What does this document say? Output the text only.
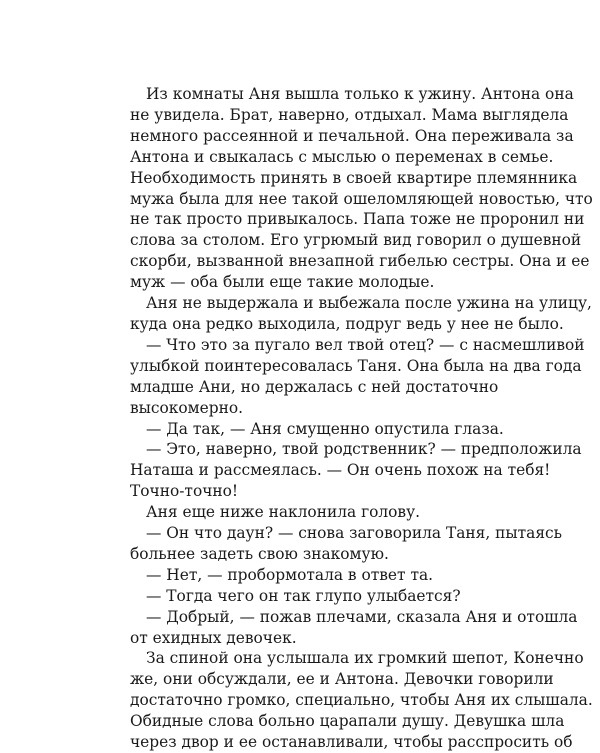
Из комнаты Аня вышла только к ужину. Антона она
не увидела. Брат, наверно, отдыхал. Мама выглядела
немного рассеянной и печальной. Она переживала за
Антона и свыкалась с мыслью о переменах в семье.
Необходимость принять в своей квартире племянника
мужа была для нее такой ошеломляющей новостью, что
не так просто привыкалось. Папа тоже не проронил ни
слова за столом. Его угрюмый вид говорил о душевной
скорби, вызванной внезапной гибелью сестры. Она и ее
муж — оба были еще такие молодые.
Аня не выдержала и выбежала после ужина на улицу,
куда она редко выходила, подруг ведь у нее не было.
— Что это за пугало вел твой отец? — с насмешливой
улыбкой поинтересовалась Таня. Она была на два года
младше Ани, но держалась с ней достаточно
высокомерно.
— Да так, — Аня смущенно опустила глаза.
— Это, наверно, твой родственник? — предположила
Наташа и рассмеялась. — Он очень похож на тебя!
Точно-точно!
Аня еще ниже наклонила голову.
— Он что даун? — снова заговорила Таня, пытаясь
больнее задеть свою знакомую.
— Нет, — пробормотала в ответ та.
— Тогда чего он так глупо улыбается?
— Добрый, — пожав плечами, сказала Аня и отошла
от ехидных девочек.
За спиной она услышала их громкий шепот, Конечно
же, они обсуждали, ее и Антона. Девочки говорили
достаточно громко, специально, чтобы Аня их слышала.
Обидные слова больно царапали душу. Девушка шла
через двор и ее останавливали, чтобы расспросить об
